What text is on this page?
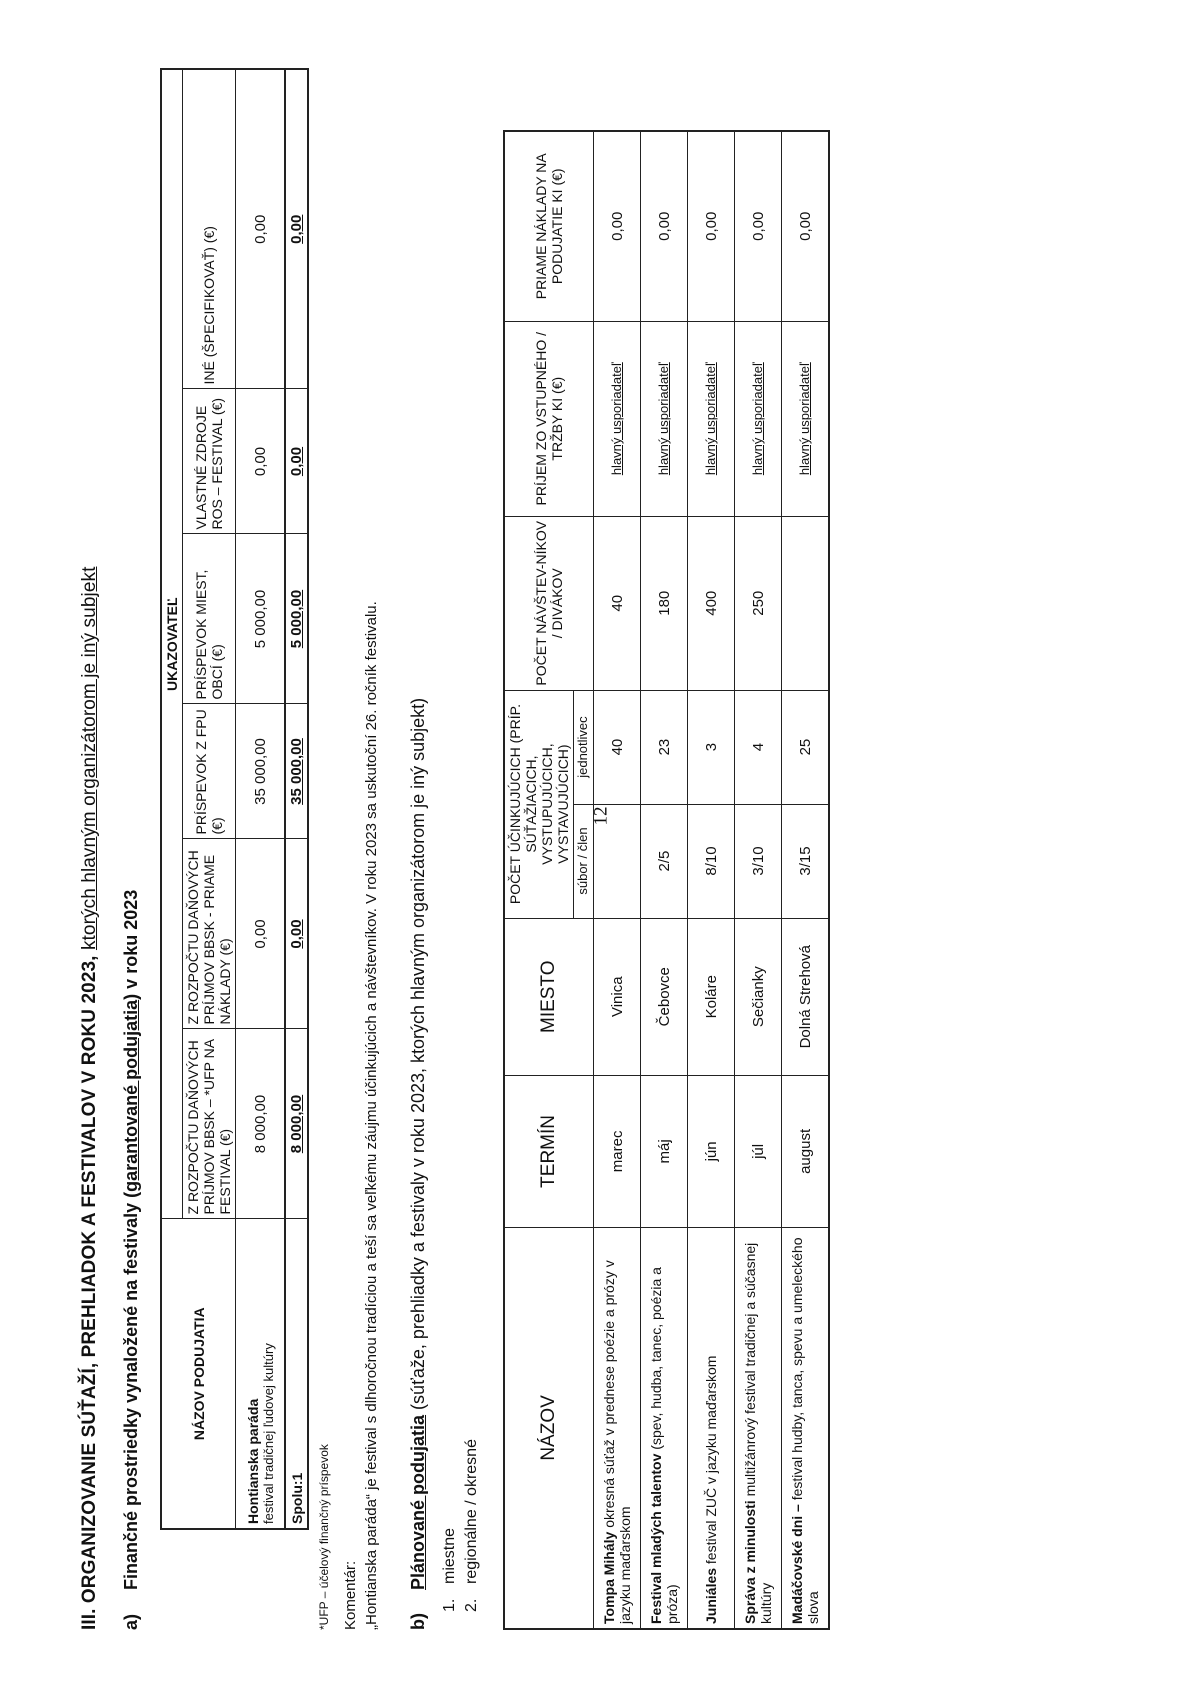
III. ORGANIZOVANIE SÚŤAŽÍ, PREHLIADOK A FESTIVALOV V ROKU 2023, ktorých hlavným organizátorom je iný subjekt
a)Finančné prostriedky vynaložené na festivaly (garantované podujatia) v roku 2023
NÁZOV PODUJATIA	UKAZOVATEĽ					
	Z ROZPOČTU DAŇOVÝCH PRÍJMOV BBSK – *UFP NA FESTIVAL (€)	Z ROZPOČTU DAŇOVÝCH PRÍJMOV BBSK - PRIAME NÁKLADY (€)	PRÍSPEVOK Z FPU (€)	PRÍSPEVOK MIEST, OBCÍ (€)	VLASTNÉ ZDROJE ROS – FESTIVAL (€)	INÉ (ŠPECIFIKOVAŤ) (€)

Hontianska paráda festival tradičnej ľudovej kultúry	8 000,00	0,00	35 000,00	5 000,00	0,00	0,00
Spolu:1	8 000,00	0,00	35 000,00	5 000,00	0,00	0,00
*UFP – účelový finančný príspevok Komentár: „Hontianska paráda“ je festival s dlhoročnou tradíciou a teší sa veľkému záujmu účinkujúcich a návštevníkov. V roku 2023 sa uskutoční 26. ročník festivalu. b)Plánované podujatia (súťaže, prehliadky a festivaly v roku 2023, ktorých hlavným organizátorom je iný subjekt)
1.miestne
2.regionálne / okresné
NÁZOV	TERMÍN	MIESTO	POČET ÚČINKUJÚCICH (PRÍP. SÚŤAŽIACICH, VYSTUPUJÚCICH, VYSTAVUJÚCICH)		POČET NÁVŠTEV-NÍKOV / DIVÁKOV	PRÍJEM ZO VSTUPNÉHO / TRŽBY KI (€)	PRIAME NÁKLADY NA PODUJATIE KI (€)
			súbor / člen	jednotlivec			
Tompa Mihály okresná súťaž v prednese poézie a prózy v jazyku maďarskom	marec	Vinica		40	40	hlavný usporiadateľ	0,00
Festival mladých talentov (spev, hudba, tanec, poézia a próza)	máj	Čebovce	2/5	23	180	hlavný usporiadateľ	0,00
Juniáles festival ZUČ v jazyku maďarskom	jún	Koláre	8/10	3	400	hlavný usporiadateľ	0,00
Správa z minulosti multižánrový festival tradičnej a súčasnej kultúry	júl	Sečianky	3/10	4	250	hlavný usporiadateľ	0,00
Madáčovské dni – festival hudby, tanca, spevu a umeleckého slova	august	Dolná Strehová	3/15	25		hlavný usporiadateľ	0,00
12
